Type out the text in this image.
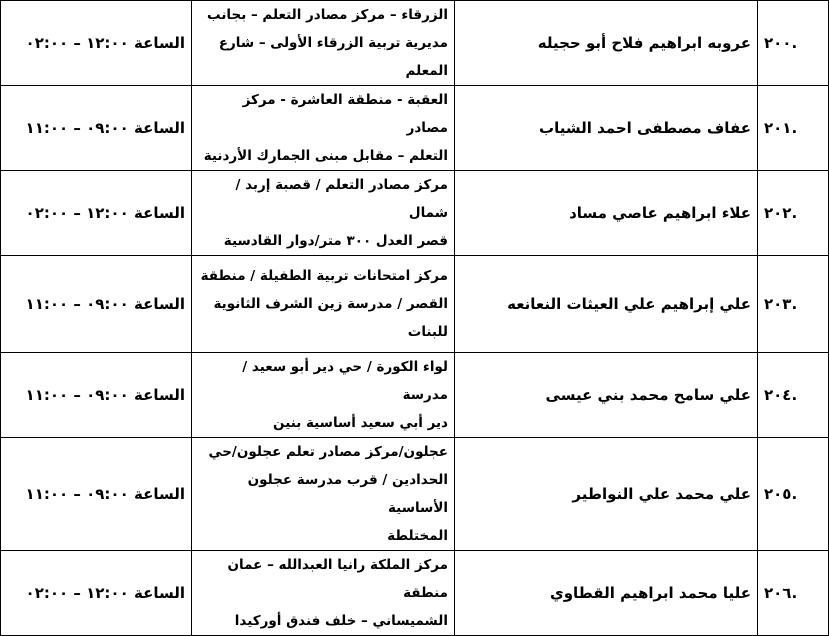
.٢٠٠	عروبه ابراهيم فلاح أبو حجيله	الزرقاء – مركز مصادر التعلم – بجانب
مديرية تربية الزرقاء الأولى – شارع المعلم	الساعة ١٢:٠٠ – ٠٢:٠٠
.٢٠١	عفاف مصطفى احمد الشياب	العقبة - منطقة العاشرة - مركز مصادر
التعلم – مقابل مبنى الجمارك الأردنية	الساعة ٠٩:٠٠ – ١١:٠٠
.٢٠٢	علاء ابراهيم عاصي مساد	مركز مصادر التعلم / قصبة إربد / شمال
قصر العدل ٣٠٠ متر/دوار القادسية	الساعة ١٢:٠٠ – ٠٢:٠٠
.٢٠٣	علي إبراهيم علي العيثات النعانعه	مركز امتحانات تربية الطفيلة / منطقة
القصر / مدرسة زين الشرف الثانوية
للبنات	الساعة ٠٩:٠٠ – ١١:٠٠
.٢٠٤	علي سامح محمد بني عيسى	لواء الكورة / حي دير أبو سعيد /مدرسة
دير أبي سعيد أساسية بنين	الساعة ٠٩:٠٠ – ١١:٠٠
.٢٠٥	علي محمد علي النواطير	عجلون/مركز مصادر تعلم عجلون/حي
الحدادين / قرب مدرسة عجلون الأساسية
المختلطة	الساعة ٠٩:٠٠ – ١١:٠٠
.٢٠٦	عليا محمد ابراهيم القطاوي	مركز الملكة رانيا العبدالله – عمان منطقة
الشميساني – خلف فندق أوركيدا	الساعة ١٢:٠٠ – ٠٢:٠٠
